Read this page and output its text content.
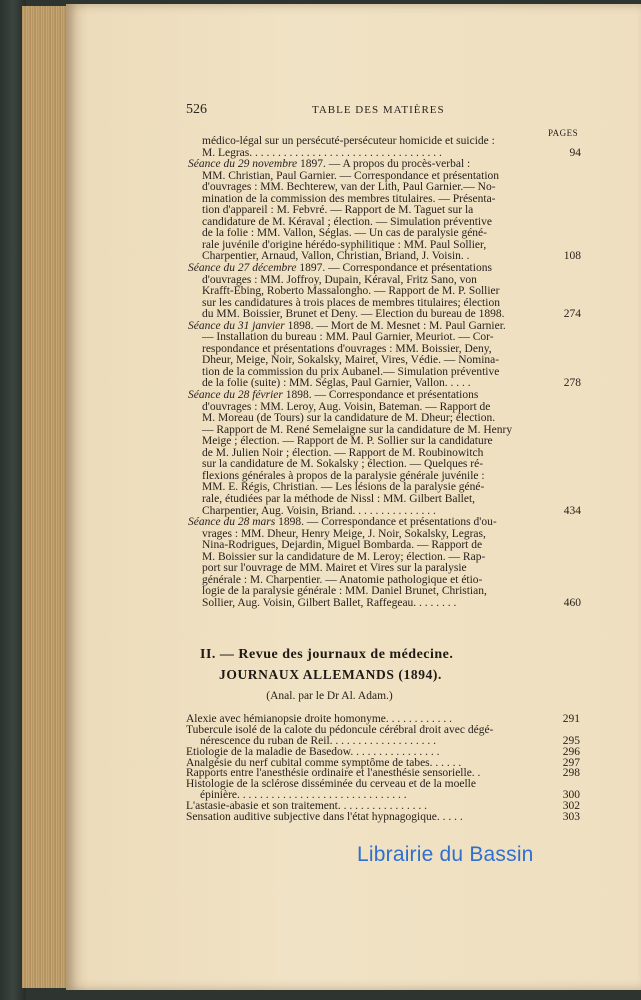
526	TABLE DES MATIÈRES
PAGES
médico-légal sur un persécuté-persécuteur homicide et suicide :
M. Legras. . . . . . . . . . . . . . . . . . . . . . . . . . . . . . . . . .	94
Séance du 29 novembre 1897. — A propos du procès-verbal :
MM. Christian, Paul Garnier. — Correspondance et présentation
d'ouvrages : MM. Bechterew, van der Lith, Paul Garnier.— No-
mination de la commission des membres titulaires. — Présenta-
tion d'appareil : M. Febvré. — Rapport de M. Taguet sur la
candidature de M. Kéraval ; élection. — Simulation préventive
de la folie : MM. Vallon, Séglas. — Un cas de paralysie géné-
rale juvénile d'origine hérédo-syphilitique : MM. Paul Sollier,
Charpentier, Arnaud, Vallon, Christian, Briand, J. Voisin. .	108
Séance du 27 décembre 1897. — Correspondance et présentations
d'ouvrages : MM. Joffroy, Dupain, Kéraval, Fritz Sano, von
Krafft-Ebing, Roberto Massalongho. — Rapport de M. P. Sollier
sur les candidatures à trois places de membres titulaires; élection
du MM. Boissier, Brunet et Deny. — Election du bureau de 1898.	274
Séance du 31 janvier 1898. — Mort de M. Mesnet : M. Paul Garnier.
— Installation du bureau : MM. Paul Garnier, Meuriot. — Cor-
respondance et présentations d'ouvrages : MM. Boissier, Deny,
Dheur, Meige, Noir, Sokalsky, Mairet, Vires, Védie. — Nomina-
tion de la commission du prix Aubanel.— Simulation préventive
de la folie (suite) : MM. Séglas, Paul Garnier, Vallon. . . . .	278
Séance du 28 février 1898. — Correspondance et présentations
d'ouvrages : MM. Leroy, Aug. Voisin, Bateman. — Rapport de
M. Moreau (de Tours) sur la candidature de M. Dheur; élection.
— Rapport de M. René Semelaigne sur la candidature de M. Henry
Meige ; élection. — Rapport de M. P. Sollier sur la candidature
de M. Julien Noir ; élection. — Rapport de M. Roubinowitch
sur la candidature de M. Sokalsky ; élection. — Quelques ré-
flexions générales à propos de la paralysie générale juvénile :
MM. E. Régis, Christian. — Les lésions de la paralysie géné-
rale, étudiées par la méthode de Nissl : MM. Gilbert Ballet,
Charpentier, Aug. Voisin, Briand. . . . . . . . . . . . . . .	434
Séance du 28 mars 1898. — Correspondance et présentations d'ou-
vrages : MM. Dheur, Henry Meige, J. Noir, Sokalsky, Legras,
Nina-Rodrigues, Dejardin, Miguel Bombarda. — Rapport de
M. Boissier sur la candidature de M. Leroy; élection. — Rap-
port sur l'ouvrage de MM. Mairet et Vires sur la paralysie
générale : M. Charpentier. — Anatomie pathologique et étio-
logie de la paralysie générale : MM. Daniel Brunet, Christian,
Sollier, Aug. Voisin, Gilbert Ballet, Raffegeau. . . . . . . .	460
II. — Revue des journaux de médecine.
JOURNAUX ALLEMANDS (1894).
(Anal. par le Dr Al. Adam.)
Alexie avec hémianopsie droite homonyme. . . . . . . . . . . .	291
Tubercule isolé de la calote du pédoncule cérébral droit avec dégé-
nérescence du ruban de Reil. . . . . . . . . . . . . . . . . . .	295
Etiologie de la maladie de Basedow. . . . . . . . . . . . . . . .	296
Analgésie du nerf cubital comme symptôme de tabes. . . . . .	297
Rapports entre l'anesthésie ordinaire et l'anesthésie sensorielle. .	298
Histologie de la sclérose disséminée du cerveau et de la moelle
épinière. . . . . . . . . . . . . . . . . . . . . . . . . . . . . .	300
L'astasie-abasie et son traitement. . . . . . . . . . . . . . . .	302
Sensation auditive subjective dans l'état hypnagogique. . . . .	303
Librairie du Bassin
